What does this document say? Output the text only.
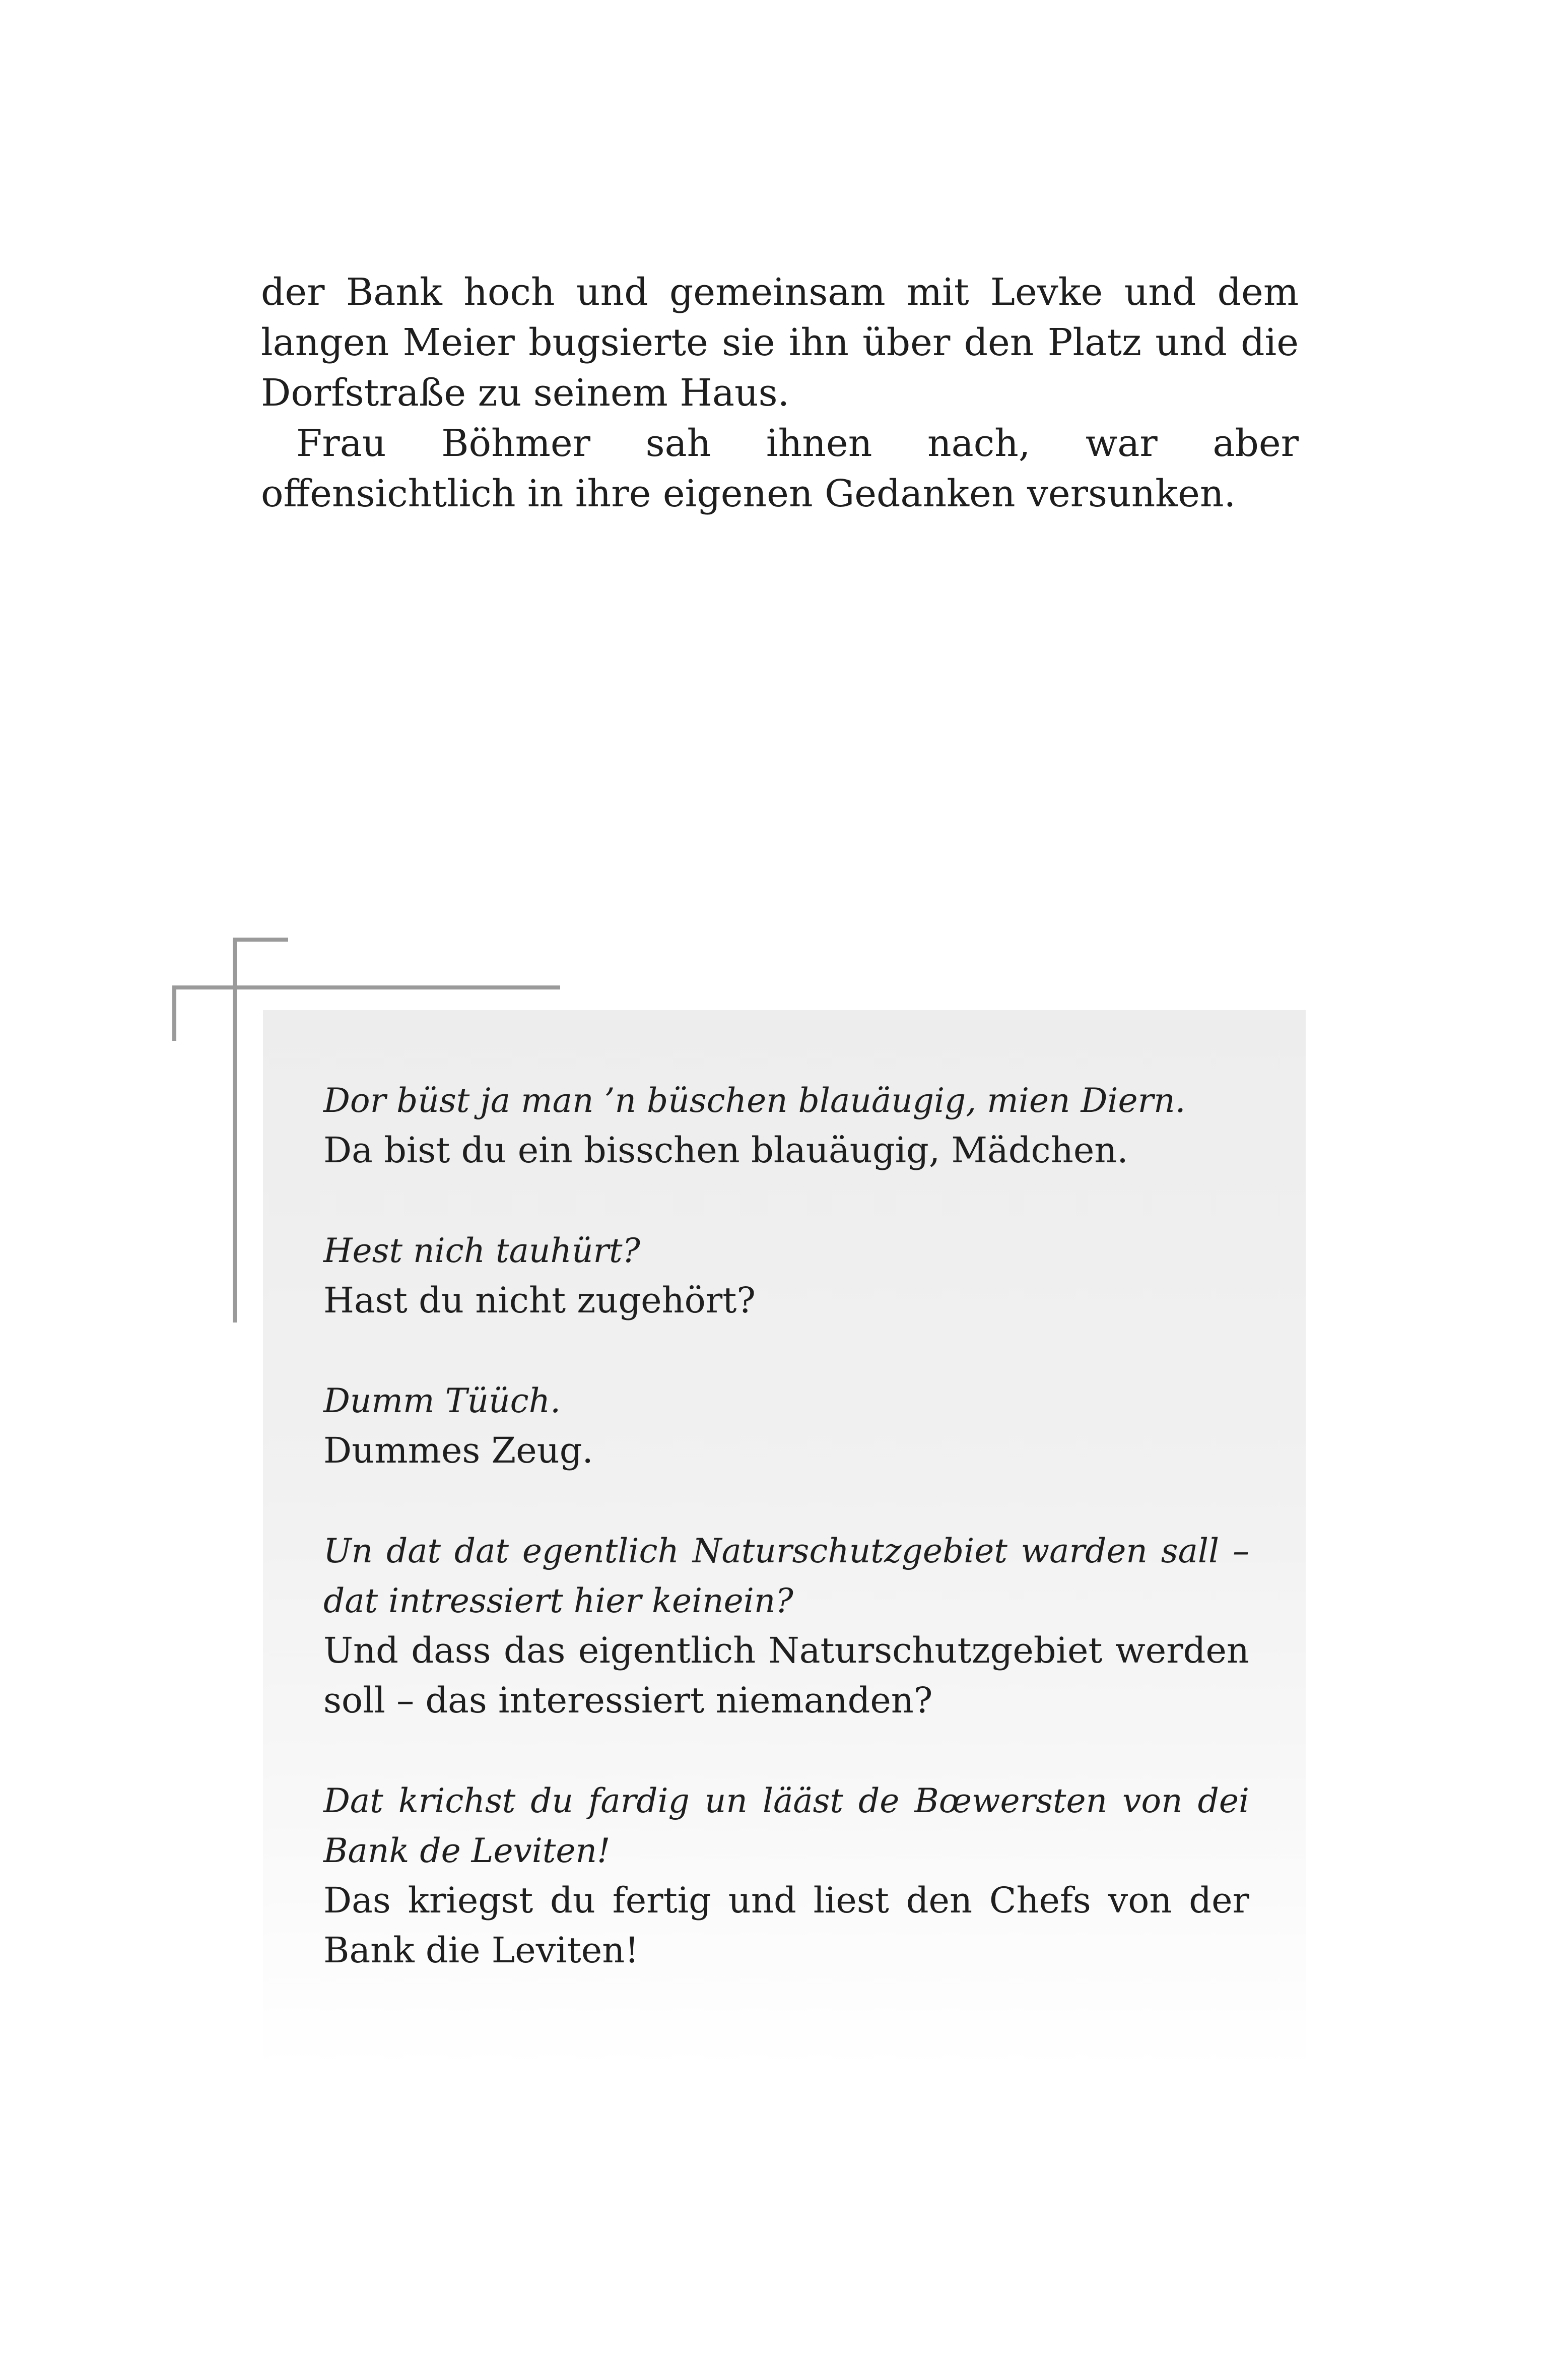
der Bank hoch und gemeinsam mit Levke und dem langen Meier bugsierte sie ihn über den Platz und die Dorfstraße zu seinem Haus.

Frau Böhmer sah ihnen nach, war aber offensichtlich in ihre eigenen Gedanken versunken.

Dor büst ja man ’n büschen blauäugig, mien Diern.

Da bist du ein bisschen blauäugig, Mädchen.

Hest nich tauhürt?

Hast du nicht zugehört?

Dumm Tüüch.

Dummes Zeug.

Un dat dat egentlich Naturschutzgebiet warden sall – dat intressiert hier keinein?

Und dass das eigentlich Naturschutzgebiet werden soll – das interessiert niemanden?

Dat krichst du fardig un lääst de Bœwersten von dei Bank de Leviten!

Das kriegst du fertig und liest den Chefs von der Bank die Leviten!
